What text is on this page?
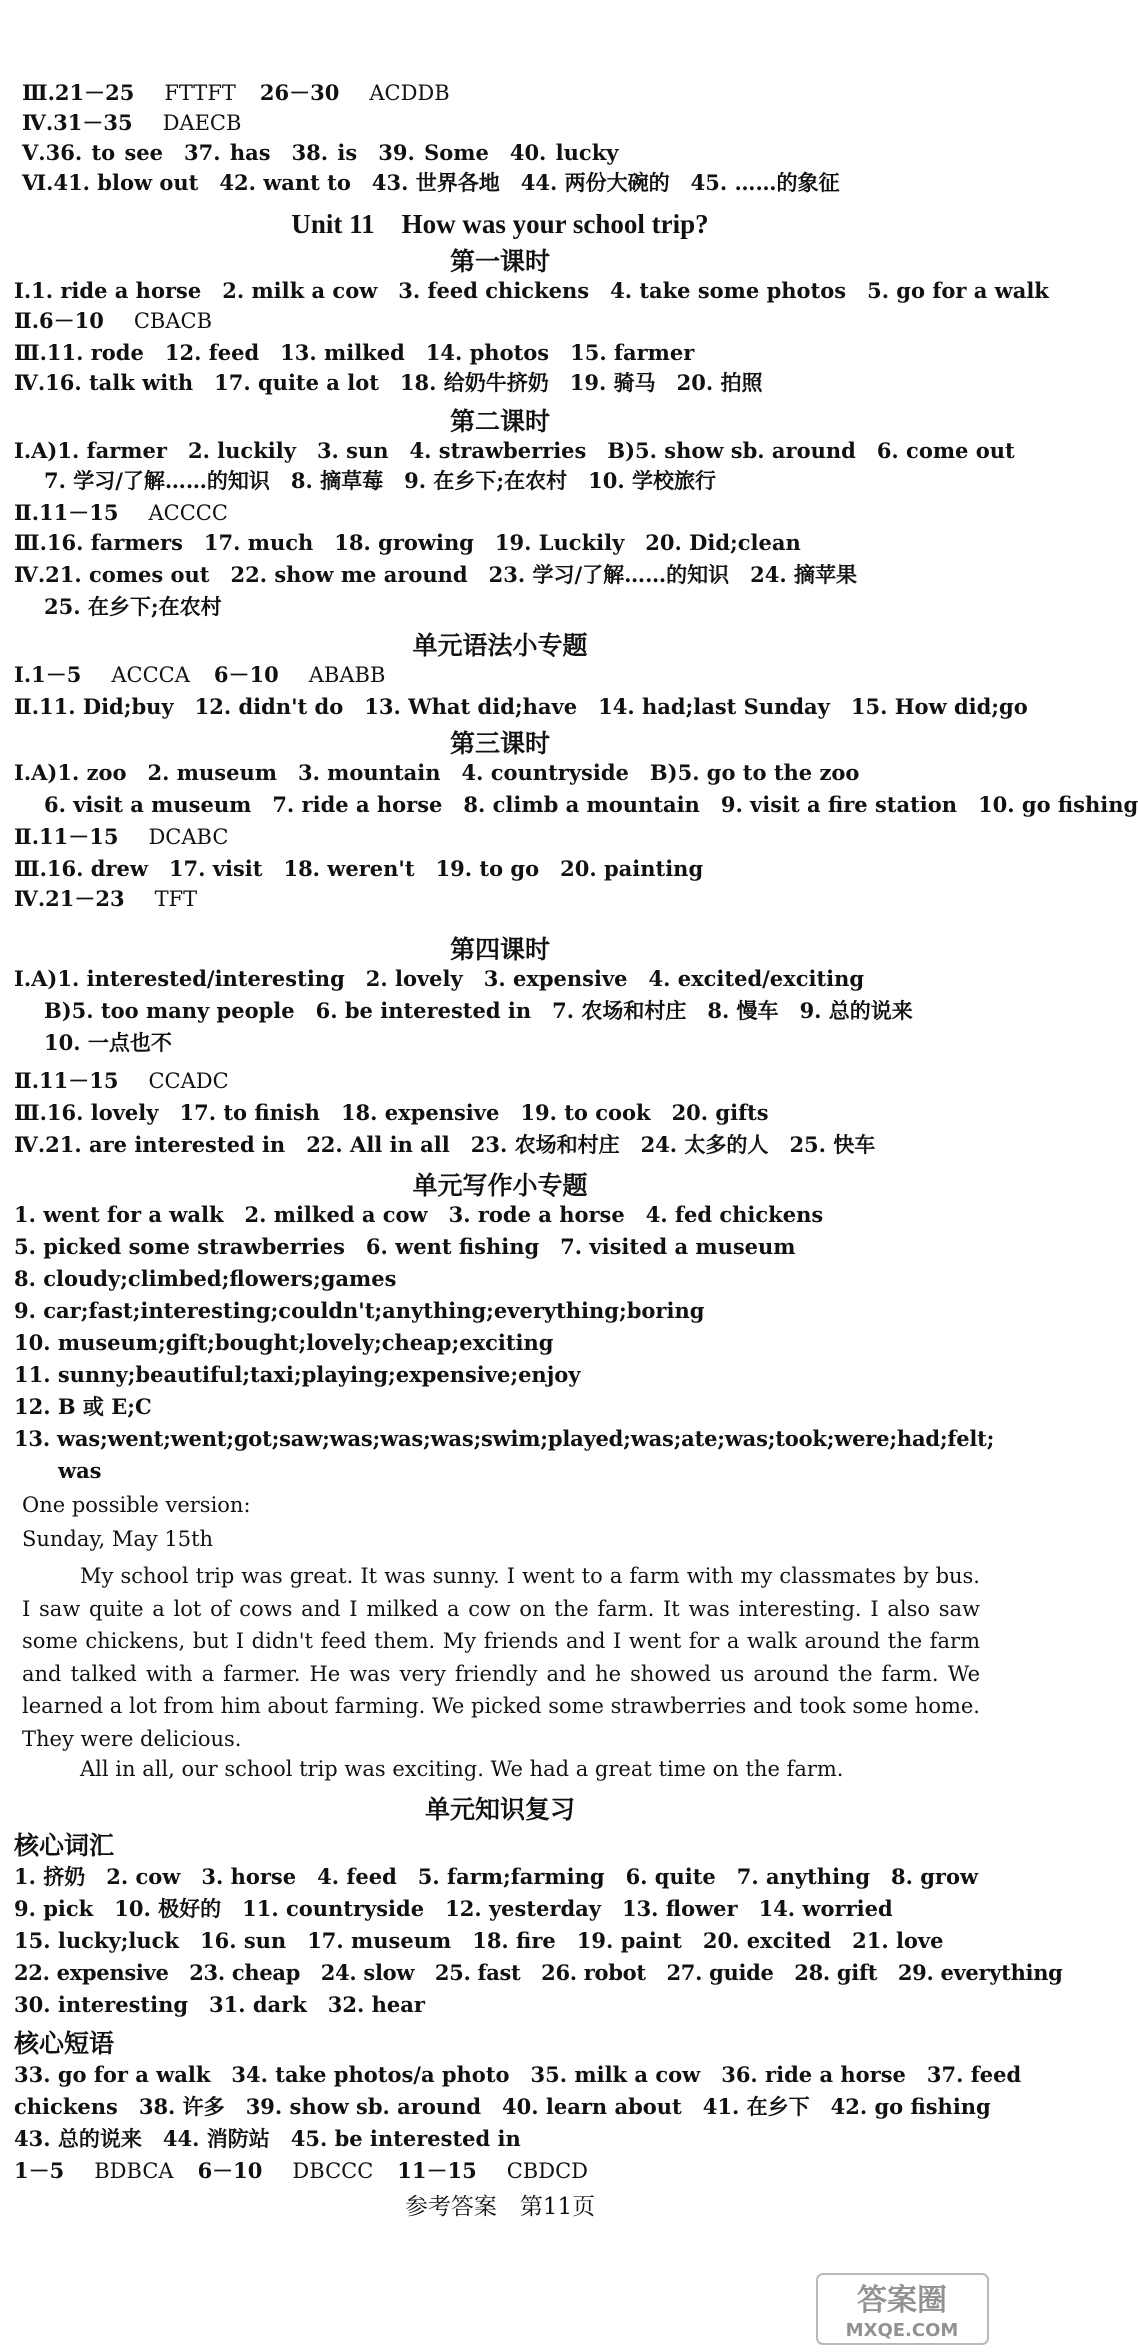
Ⅲ.21－25 FTTFT 26－30 ACDDB
Ⅳ.31－35 DAECB
Ⅴ.36. to see　 37. has　 38. is　 39. Some　 40. lucky
Ⅵ.41. blow out　 42. want to　 43. 世界各地　 44. 两份大碗的　 45. ……的象征
Unit 11　How was your school trip?
第一课时
Ⅰ.1. ride a horse　 2. milk a cow　 3. feed chickens　 4. take some photos　 5. go for a walk
Ⅱ.6－10 CBACB
Ⅲ.11. rode　 12. feed　 13. milked　 14. photos　 15. farmer
Ⅳ.16. talk with　 17. quite a lot　 18. 给奶牛挤奶　 19. 骑马　 20. 拍照
第二课时
Ⅰ.A)1. farmer　 2. luckily　 3. sun　 4. strawberries　 B)5. show sb. around　 6. come out
7. 学习/了解……的知识　 8. 摘草莓　 9. 在乡下;在农村　 10. 学校旅行
Ⅱ.11－15 ACCCC
Ⅲ.16. farmers　 17. much　 18. growing　 19. Luckily　 20. Did;clean
Ⅳ.21. comes out　 22. show me around　 23. 学习/了解……的知识　 24. 摘苹果
25. 在乡下;在农村
单元语法小专题
Ⅰ.1－5 ACCCA 6－10 ABABB
Ⅱ.11. Did;buy　 12. didn't do　 13. What did;have　 14. had;last Sunday　 15. How did;go
第三课时
Ⅰ.A)1. zoo　 2. museum　 3. mountain　 4. countryside　 B)5. go to the zoo
6. visit a museum　 7. ride a horse　 8. climb a mountain　 9. visit a fire station　 10. go fishing
Ⅱ.11－15 DCABC
Ⅲ.16. drew　 17. visit　 18. weren't　 19. to go　 20. painting
Ⅳ.21－23 TFT
第四课时
Ⅰ.A)1. interested/interesting　 2. lovely　 3. expensive　 4. excited/exciting
B)5. too many people　 6. be interested in　 7. 农场和村庄　 8. 慢车　 9. 总的说来
10. 一点也不
Ⅱ.11－15 CCADC
Ⅲ.16. lovely　 17. to finish　 18. expensive　 19. to cook　 20. gifts
Ⅳ.21. are interested in　 22. All in all　 23. 农场和村庄　 24. 太多的人　 25. 快车
单元写作小专题
1. went for a walk　 2. milked a cow　 3. rode a horse　 4. fed chickens
5. picked some strawberries　 6. went fishing　 7. visited a museum
8. cloudy;climbed;flowers;games
9. car;fast;interesting;couldn't;anything;everything;boring
10. museum;gift;bought;lovely;cheap;exciting
11. sunny;beautiful;taxi;playing;expensive;enjoy
12. B 或 E;C
13. was;went;went;got;saw;was;was;was;swim;played;was;ate;was;took;were;had;felt;
was
One possible version:
Sunday, May 15th
My school trip was great. It was sunny. I went to a farm with my classmates by bus. I saw quite a lot of cows and I milked a cow on the farm. It was interesting. I also saw some chickens, but I didn't feed them. My friends and I went for a walk around the farm and talked with a farmer. He was very friendly and he showed us around the farm. We learned a lot from him about farming. We picked some strawberries and took some home. They were delicious.
All in all, our school trip was exciting. We had a great time on the farm.
单元知识复习
核心词汇
1. 挤奶　 2. cow　 3. horse　 4. feed　 5. farm;farming　 6. quite　 7. anything　 8. grow
9. pick　 10. 极好的　 11. countryside　 12. yesterday　 13. flower　 14. worried
15. lucky;luck　 16. sun　 17. museum　 18. fire　 19. paint　 20. excited　 21. love
22. expensive　 23. cheap　 24. slow　 25. fast　 26. robot　 27. guide　 28. gift　 29. everything
30. interesting　 31. dark　 32. hear
核心短语
33. go for a walk　 34. take photos/a photo　 35. milk a cow　 36. ride a horse　 37. feed
chickens　 38. 许多　 39. show sb. around　 40. learn about　 41. 在乡下　 42. go fishing
43. 总的说来　 44. 消防站　 45. be interested in
1－5 BDBCA 6－10 DBCCC 11－15 CBDCD
参考答案　第11页
答案圈
MXQE.COM
